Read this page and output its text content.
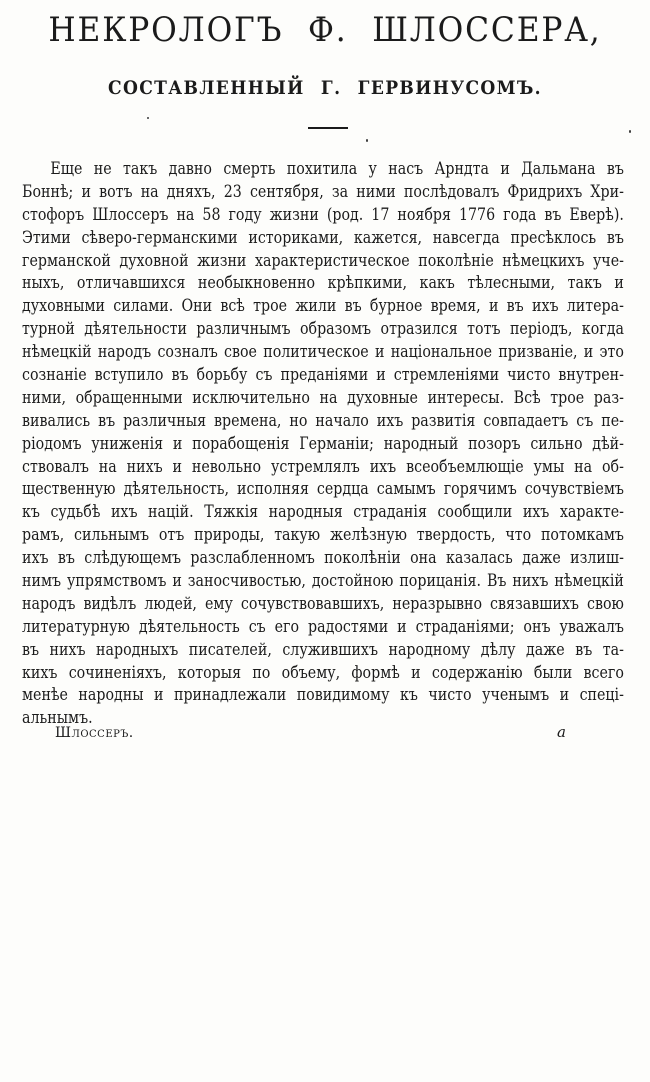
НЕКРОЛОГЪ Ф. ШЛОССЕРА,
СОСТАВЛЕННЫЙ Г. ГЕРВИНУСОМЪ.
Еще не такъ давно смерть похитила у насъ Арндта и Дальмана въ
Боннѣ; и вотъ на дняхъ, 23 сентября, за ними послѣдовалъ Фридрихъ Хри-
стофоръ Шлоссеръ на 58 году жизни (род. 17 ноября 1776 года въ Еверѣ).
Этими сѣверо-германскими историками, кажется, навсегда пресѣклось въ
германской духовной жизни характеристическое поколѣніе нѣмецкихъ уче-
ныхъ, отличавшихся необыкновенно крѣпкими, какъ тѣлесными, такъ и
духовными силами. Они всѣ трое жили въ бурное время, и въ ихъ литера-
турной дѣятельности различнымъ образомъ отразился тотъ періодъ, когда
нѣмецкій народъ созналъ свое политическое и національное призваніе, и это
сознаніе вступило въ борьбу съ преданіями и стремленіями чисто внутрен-
ними, обращенными исключительно на духовные интересы. Всѣ трое раз-
вивались въ различныя времена, но начало ихъ развитія совпадаетъ съ пе-
ріодомъ униженія и порабощенія Германіи; народный позоръ сильно дѣй-
ствовалъ на нихъ и невольно устремлялъ ихъ всеобъемлющіе умы на об-
щественную дѣятельность, исполняя сердца самымъ горячимъ сочувствіемъ
къ судьбѣ ихъ націй. Тяжкія народныя страданія сообщили ихъ характе-
рамъ, сильнымъ отъ природы, такую желѣзную твердость, что потомкамъ
ихъ въ слѣдующемъ разслабленномъ поколѣніи она казалась даже излиш-
нимъ упрямствомъ и заносчивостью, достойною порицанія. Въ нихъ нѣмецкій
народъ видѣлъ людей, ему сочувствовавшихъ, неразрывно связавшихъ свою
литературную дѣятельность съ его радостями и страданіями; онъ уважалъ
въ нихъ народныхъ писателей, служившихъ народному дѣлу даже въ та-
кихъ сочиненіяхъ, которыя по объему, формѣ и содержанію были всего
менѣе народны и принадлежали повидимому къ чисто ученымъ и спеці-
альнымъ.
Шлоссеръ.	а
